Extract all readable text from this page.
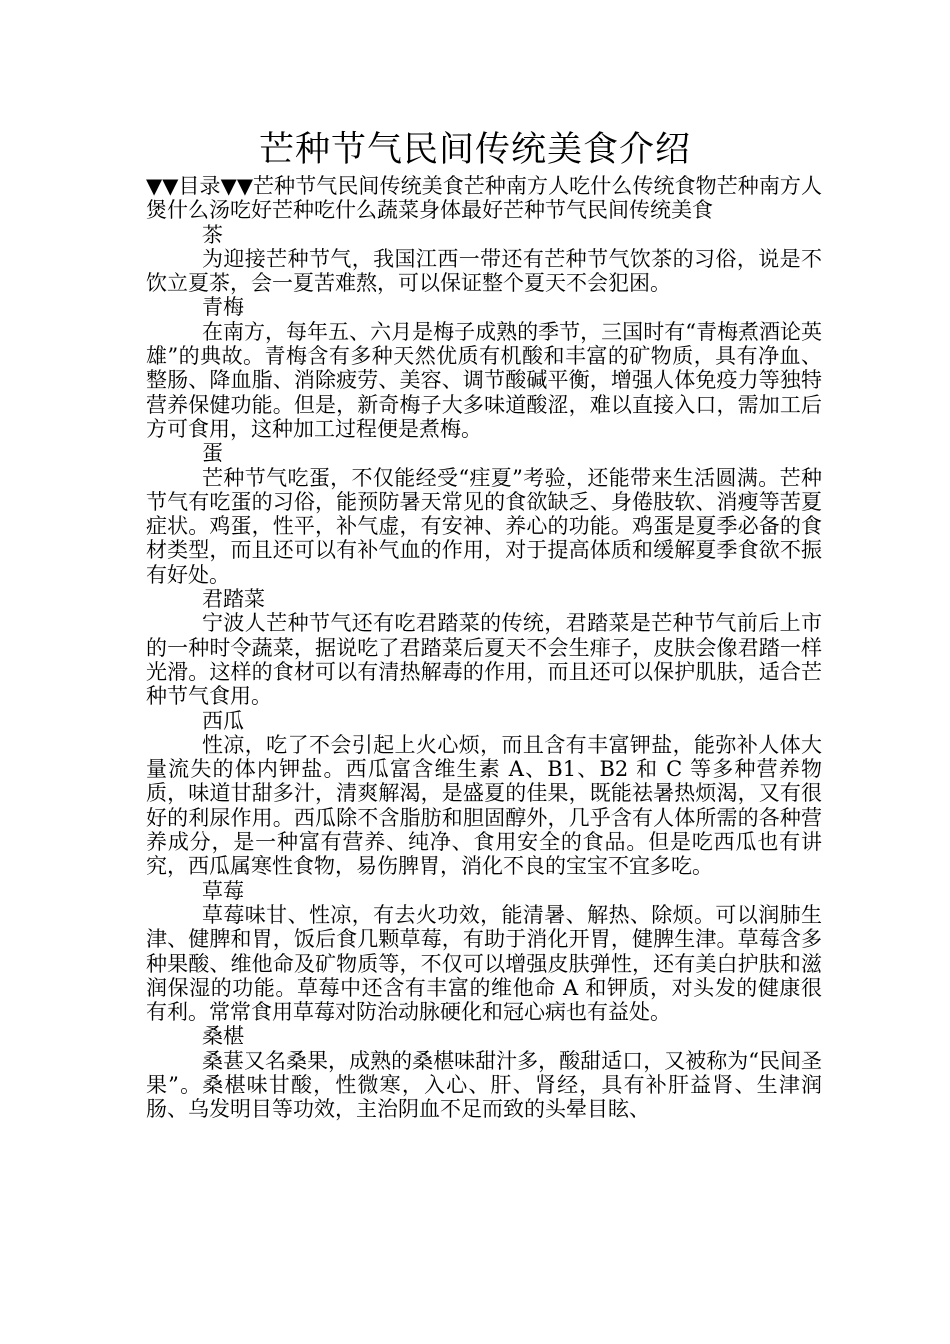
芒种节气民间传统美食介绍

▼▼目录▼▼芒种节气民间传统美食芒种南方人吃什么传统食物芒种南方人煲什么汤吃好芒种吃什么蔬菜身体最好芒种节气民间传统美食

茶

为迎接芒种节气，我国江西一带还有芒种节气饮茶的习俗，说是不饮立夏茶，会一夏苦难熬，可以保证整个夏天不会犯困。

青梅

在南方，每年五、六月是梅子成熟的季节，三国时有“青梅煮酒论英雄”的典故。青梅含有多种天然优质有机酸和丰富的矿物质，具有净血、整肠、降血脂、消除疲劳、美容、调节酸碱平衡，增强人体免疫力等独特营养保健功能。但是，新奇梅子大多味道酸涩，难以直接入口，需加工后方可食用，这种加工过程便是煮梅。

蛋

芒种节气吃蛋，不仅能经受“疰夏”考验，还能带来生活圆满。芒种节气有吃蛋的习俗，能预防暑天常见的食欲缺乏、身倦肢软、消瘦等苦夏症状。鸡蛋，性平，补气虚，有安神、养心的功能。鸡蛋是夏季必备的食材类型，而且还可以有补气血的作用，对于提高体质和缓解夏季食欲不振有好处。

君踏菜

宁波人芒种节气还有吃君踏菜的传统，君踏菜是芒种节气前后上市的一种时令蔬菜，据说吃了君踏菜后夏天不会生痱子，皮肤会像君踏一样光滑。这样的食材可以有清热解毒的作用，而且还可以保护肌肤，适合芒种节气食用。

西瓜

性凉，吃了不会引起上火心烦，而且含有丰富钾盐，能弥补人体大量流失的体内钾盐。西瓜富含维生素 A、B1、B2 和 C 等多种营养物质，味道甘甜多汁，清爽解渴，是盛夏的佳果，既能祛暑热烦渴，又有很好的利尿作用。西瓜除不含脂肪和胆固醇外，几乎含有人体所需的各种营养成分，是一种富有营养、纯净、食用安全的食品。但是吃西瓜也有讲究，西瓜属寒性食物，易伤脾胃，消化不良的宝宝不宜多吃。

草莓

草莓味甘、性凉，有去火功效，能清暑、解热、除烦。可以润肺生津、健脾和胃，饭后食几颗草莓，有助于消化开胃，健脾生津。草莓含多种果酸、维他命及矿物质等，不仅可以增强皮肤弹性，还有美白护肤和滋润保湿的功能。草莓中还含有丰富的维他命 A 和钾质，对头发的健康很有利。常常食用草莓对防治动脉硬化和冠心病也有益处。

桑椹

桑葚又名桑果，成熟的桑椹味甜汁多，酸甜适口，又被称为“民间圣果”。桑椹味甘酸，性微寒，入心、肝、肾经，具有补肝益肾、生津润肠、乌发明目等功效，主治阴血不足而致的头晕目眩、
